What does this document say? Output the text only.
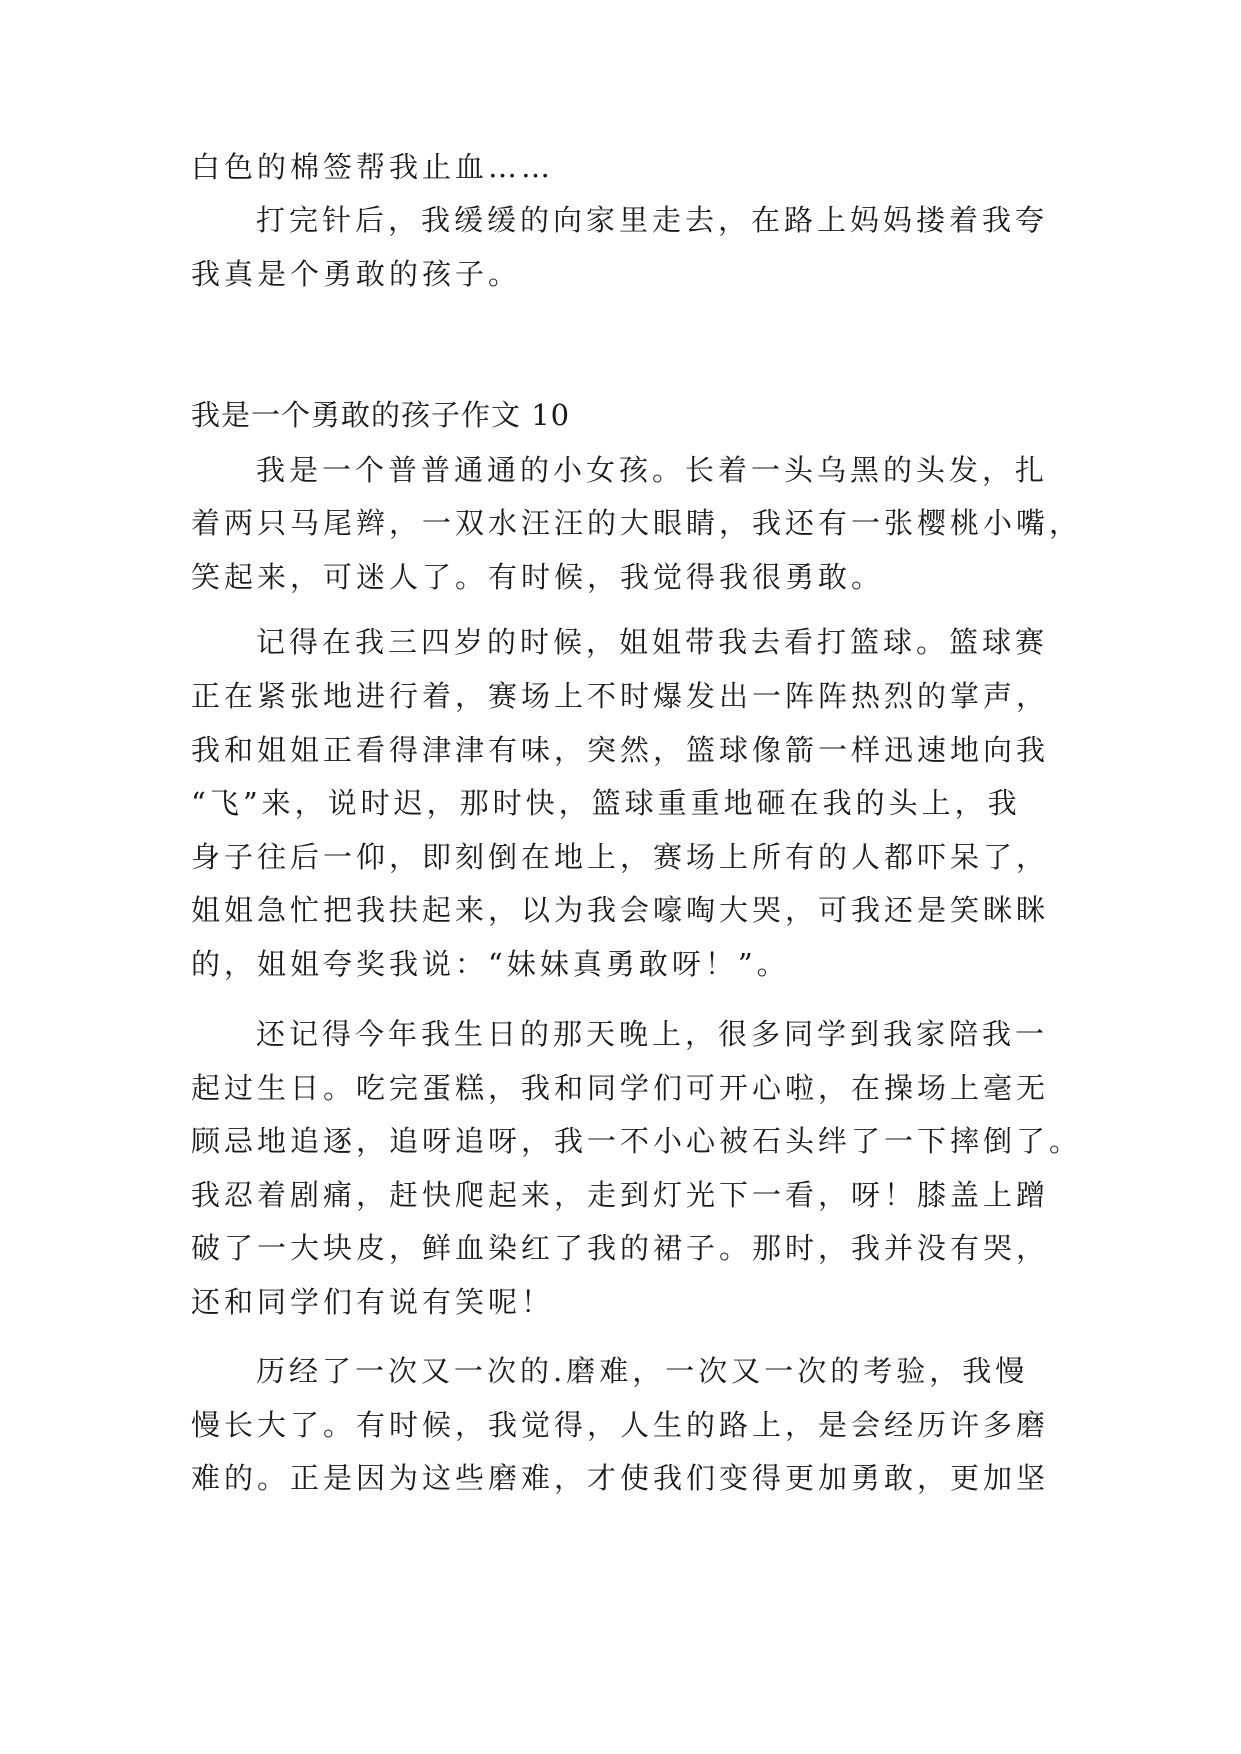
白色的棉签帮我止血……
打完针后，我缓缓的向家里走去，在路上妈妈搂着我夸
我真是个勇敢的孩子。
我是一个勇敢的孩子作文 10
我是一个普普通通的小女孩。长着一头乌黑的头发，扎
着两只马尾辫，一双水汪汪的大眼睛，我还有一张樱桃小嘴，
笑起来，可迷人了。有时候，我觉得我很勇敢。
记得在我三四岁的时候，姐姐带我去看打篮球。篮球赛
正在紧张地进行着，赛场上不时爆发出一阵阵热烈的掌声，
我和姐姐正看得津津有味，突然，篮球像箭一样迅速地向我
“飞”来，说时迟，那时快，篮球重重地砸在我的头上，我
身子往后一仰，即刻倒在地上，赛场上所有的人都吓呆了，
姐姐急忙把我扶起来，以为我会嚎啕大哭，可我还是笑眯眯
的，姐姐夸奖我说：“妹妹真勇敢呀！”。
还记得今年我生日的那天晚上，很多同学到我家陪我一
起过生日。吃完蛋糕，我和同学们可开心啦，在操场上毫无
顾忌地追逐，追呀追呀，我一不小心被石头绊了一下摔倒了。
我忍着剧痛，赶快爬起来，走到灯光下一看，呀！膝盖上蹭
破了一大块皮，鲜血染红了我的裙子。那时，我并没有哭，
还和同学们有说有笑呢！
历经了一次又一次的.磨难，一次又一次的考验，我慢
慢长大了。有时候，我觉得，人生的路上，是会经历许多磨
难的。正是因为这些磨难，才使我们变得更加勇敢，更加坚
